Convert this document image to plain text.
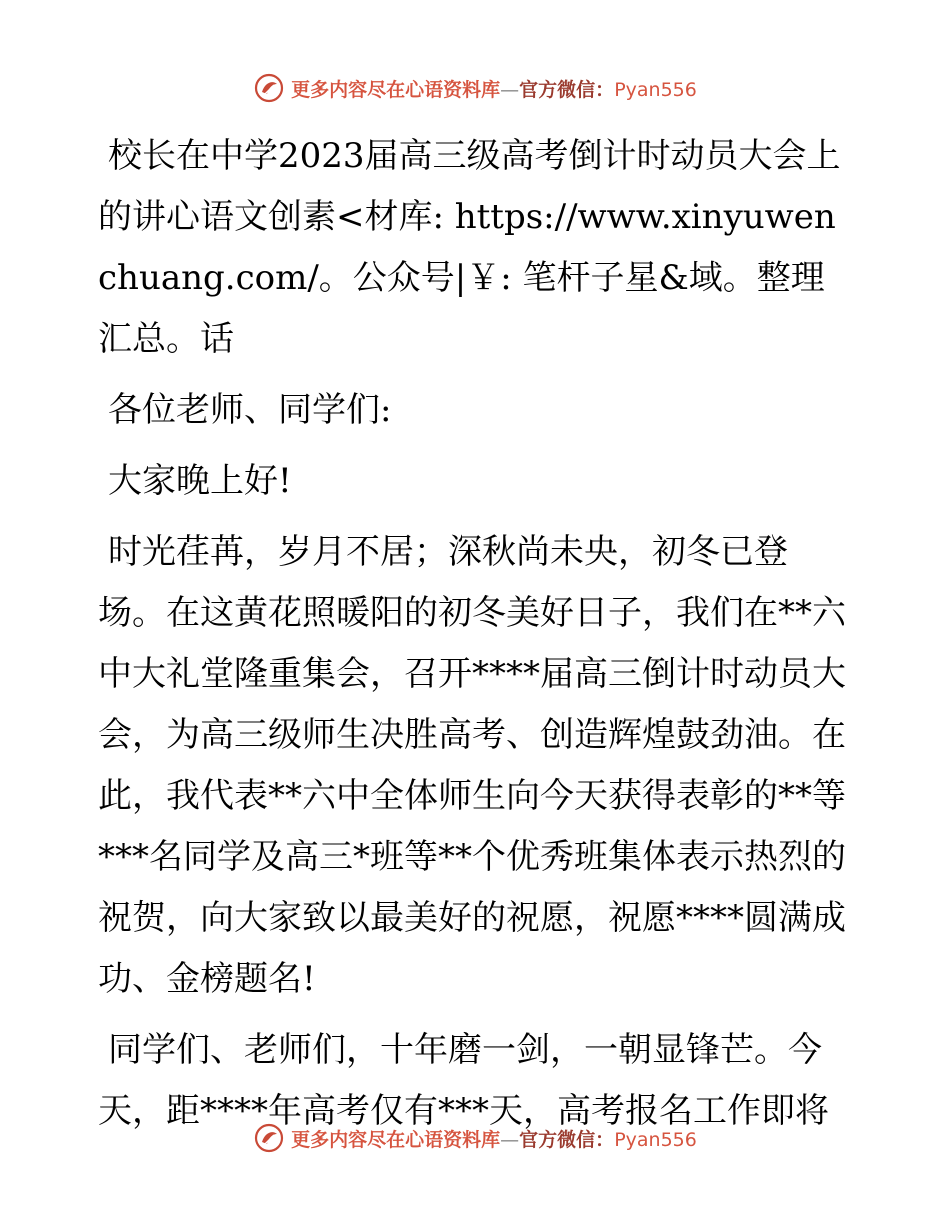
更多内容尽在心语资料库—官方微信：Pyan556
校长在中学2023届高三级高考倒计时动员大会上的讲心语文创素<材库: https://www.xinyuwenchuang.com/。公众号|￥: 笔杆子星&域。整理汇总。话

各位老师、同学们:

大家晚上好!

时光荏苒，岁月不居；深秋尚未央，初冬已登场。在这黄花照暖阳的初冬美好日子，我们在**六中大礼堂隆重集会，召开****届高三倒计时动员大会，为高三级师生决胜高考、创造辉煌鼓劲油。在此，我代表**六中全体师生向今天获得表彰的**等***名同学及高三*班等**个优秀班集体表示热烈的祝贺，向大家致以最美好的祝愿，祝愿****圆满成功、金榜题名!

同学们、老师们，十年磨一剑，一朝显锋芒。今天，距****年高考仅有***天，高考报名工作即将

更多内容尽在心语资料库—官方微信：Pyan556
